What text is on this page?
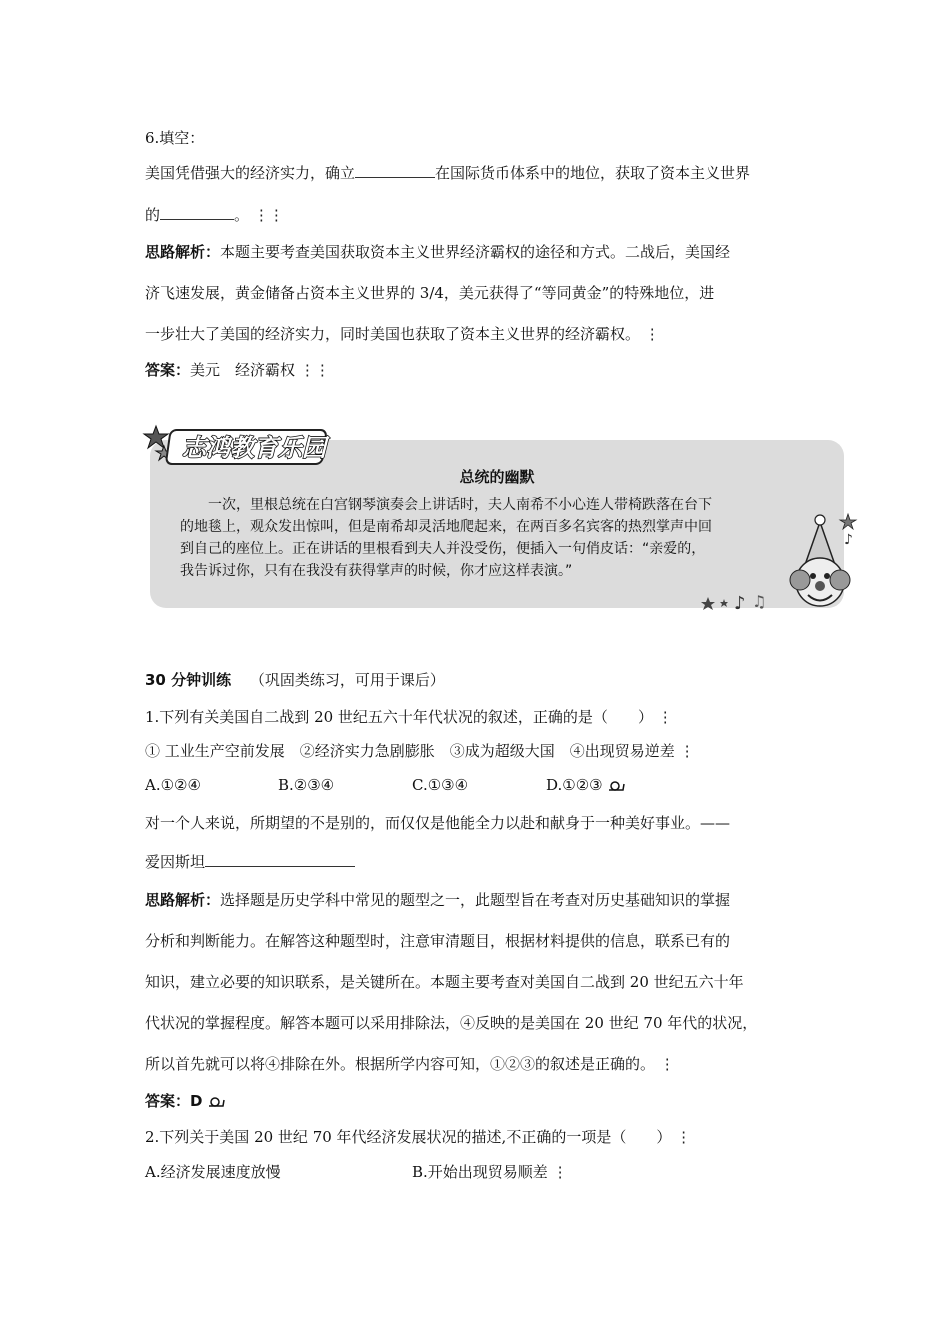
6.填空：
美国凭借强大的经济实力，确立	在国际货币体系中的地位，获取了资本主义世界
的	。 ⋮⋮
思路解析：本题主要考查美国获取资本主义世界经济霸权的途径和方式。二战后，美国经
济飞速发展，黄金储备占资本主义世界的 3/4，美元获得了“等同黄金”的特殊地位，进
一步壮大了美国的经济实力，同时美国也获取了资本主义世界的经济霸权。 ⋮
答案：美元　经济霸权 ⋮⋮
总统的幽默

　　一次，里根总统在白宫钢琴演奏会上讲话时，夫人南希不小心连人带椅跌落在台下

的地毯上，观众发出惊叫，但是南希却灵活地爬起来，在两百多名宾客的热烈掌声中回

到自己的座位上。正在讲话的里根看到夫人并没受伤，便插入一句俏皮话：“亲爱的，

我告诉过你，只有在我没有获得掌声的时候，你才应这样表演。”

志鸿教育乐园
♪
♪ ♫
30 分钟训练 （巩固类练习，可用于课后）
1.下列有关美国自二战到 20 世纪五六十年代状况的叙述，正确的是（　　） ⋮
① 工业生产空前发展　②经济实力急剧膨胀　③成为超级大国　④出现贸易逆差 ⋮
A.①②④	B.②③④	C.①③④	D.①②③
对一个人来说，所期望的不是别的，而仅仅是他能全力以赴和献身于一种美好事业。——
爱因斯坦
思路解析：选择题是历史学科中常见的题型之一，此题型旨在考查对历史基础知识的掌握
分析和判断能力。在解答这种题型时，注意审清题目，根据材料提供的信息，联系已有的
知识，建立必要的知识联系，是关键所在。本题主要考查对美国自二战到 20 世纪五六十年
代状况的掌握程度。解答本题可以采用排除法，④反映的是美国在 20 世纪 70 年代的状况，
所以首先就可以将④排除在外。根据所学内容可知，①②③的叙述是正确的。 ⋮
答案：D
2.下列关于美国 20 世纪 70 年代经济发展状况的描述,不正确的一项是（　　） ⋮
A.经济发展速度放慢	B.开始出现贸易顺差 ⋮
